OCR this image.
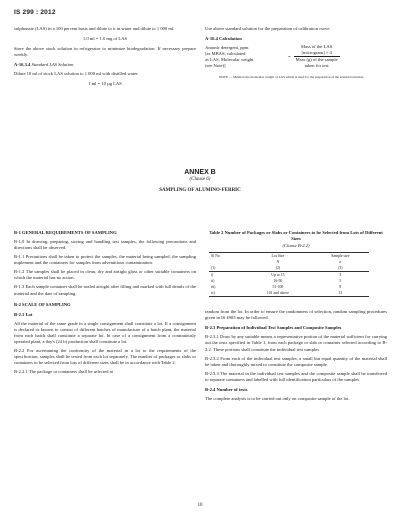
IS 299 : 2012
sulphonate (LAS) in a 100 percent basis and dilute to it in water and dilute to 1 000 ml.
1.0 ml = 1.0 mg of LAS
Store the above stock solution in refrigerator to minimize biodegradation. If necessary prepare weekly.
A-16.3.4 Standard LAS Solution
Dilute 10 ml of stock LAS solution to 1 000 ml with distilled water.
1 ml = 10 µg LAS
Use above standard solution for the preparation of calibration curve.
A-16.4 Calculation
Anionic detergent, ppm
[as MBAS, calculated
as LAS, Molecular weight
(see Note)]
=
Mass of the LAS
[microgram] × 4
Mass (g) of the sample
taken for test
NOTE — Mention the molecular weight of LAS which is used for the preparation of the standard solution.
ANNEX B
(Clause 6)
SAMPLING OF ALUMINO-FERRIC
B-1 GENERAL REQUIREMENTS OF SAMPLING
B-1.0 In drawing, preparing, storing and handling test samples, the following precautions and directions shall be observed.
B-1.1 Precautions shall be taken to protect the samples, the material being sampled, the sampling implement and the containers for samples from adventitious contamination.
B-1.2 The samples shall be placed in clean, dry and airtight glass or other suitable containers on which the material has no action.
B-1.3 Each sample container shall be sealed airtight after filling and marked with full details of the material and the date of sampling.
B-2 SCALE OF SAMPLING
B-2.1 Lot
All the material of the same grade in a single consignment shall constitute a lot. If a consignment is declared or known to consist of different batches of manufacture of a batch plant, the material from each batch shall constitute a separate lot. In case of a consignment from a continuously operated plant, a day's (24 h) production shall constitute a lot.
B-2.2 For ascertaining the conformity of the material in a lot to the requirements of the specification, samples shall be tested from each lot separately. The number of packages or slabs or containers to be selected from lots of different sizes shall be in accordance with Table 2.
B-2.2.1 The package or containers shall be selected at
Table 2 Number of Packages or Slabs or Containers to be Selected from Lots of Different Sizes
(Clause B-2.2)
Sl No.	Lot Size	Sample size
	N	n
(1)	(2)	(3)
i)	Up to 15	3
ii)	16-50	5
iii)	51-100	8
iv)	101 and above	13
random from the lot. In order to ensure the randomness of selection, random sampling procedures given in IS 4905 may be followed.
B-2.3 Preparation of Individual Test Samples and Composite Samples
B-2.3.1 Draw by any suitable means a representative portion of the material sufficient for carrying out the tests specified in Table 1, from each package or slab or container selected according to B-2.2. These portions shall constitute the individual test samples.
B-2.3.2 From each of the individual test samples, a small but equal quantity of the material shall be taken and thoroughly mixed to constitute the composite sample.
B-2.3.3 The material in the individual test samples and the composite sample shall be transferred to separate containers and labelled with full identification particulars of the samples.
B-2.4 Number of tests
The complete analysis is to be carried out only on composite sample of the lot.
10
